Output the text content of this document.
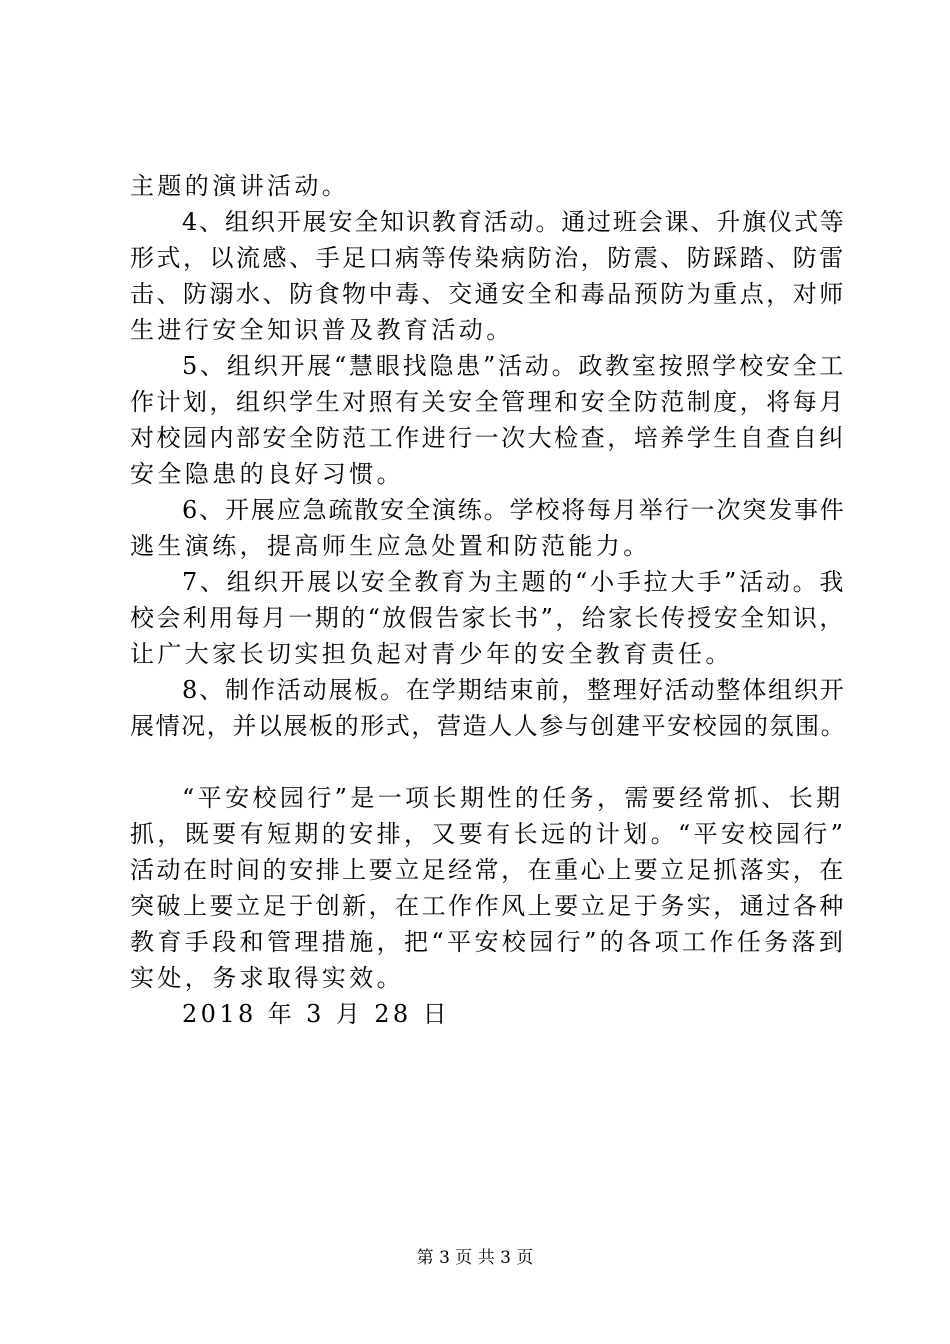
主题的演讲活动。
4、组织开展安全知识教育活动。通过班会课、升旗仪式等
形式，以流感、手足口病等传染病防治，防震、防踩踏、防雷
击、防溺水、防食物中毒、交通安全和毒品预防为重点，对师
生进行安全知识普及教育活动。
5、组织开展“慧眼找隐患”活动。政教室按照学校安全工
作计划，组织学生对照有关安全管理和安全防范制度，将每月
对校园内部安全防范工作进行一次大检查，培养学生自查自纠
安全隐患的良好习惯。
6、开展应急疏散安全演练。学校将每月举行一次突发事件
逃生演练，提高师生应急处置和防范能力。
7、组织开展以安全教育为主题的“小手拉大手”活动。我
校会利用每月一期的“放假告家长书”，给家长传授安全知识，
让广大家长切实担负起对青少年的安全教育责任。
8、制作活动展板。在学期结束前，整理好活动整体组织开
展情况，并以展板的形式，营造人人参与创建平安校园的氛围。
“平安校园行”是一项长期性的任务，需要经常抓、长期
抓，既要有短期的安排，又要有长远的计划。“平安校园行”
活动在时间的安排上要立足经常，在重心上要立足抓落实，在
突破上要立足于创新，在工作作风上要立足于务实，通过各种
教育手段和管理措施，把“平安校园行”的各项工作任务落到
实处，务求取得实效。
2018 年 3 月 28 日
第 3 页 共 3 页
